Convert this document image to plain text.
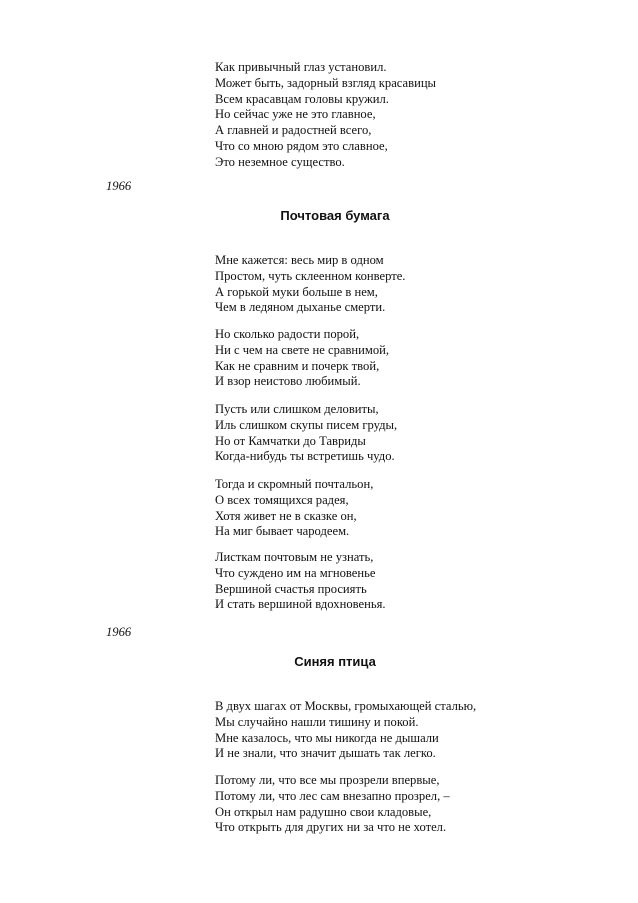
Как привычный глаз установил.
Может быть, задорный взгляд красавицы
Всем красавцам головы кружил.
Но сейчас уже не это главное,
А главней и радостней всего,
Что со мною рядом это славное,
Это неземное существо.
1966
Почтовая бумага
Мне кажется: весь мир в одном
Простом, чуть склеенном конверте.
А горькой муки больше в нем,
Чем в ледяном дыханье смерти.
Но сколько радости порой,
Ни с чем на свете не сравнимой,
Как не сравним и почерк твой,
И взор неистово любимый.
Пусть или слишком деловиты,
Иль слишком скупы писем груды,
Но от Камчатки до Тавриды
Когда-нибудь ты встретишь чудо.
Тогда и скромный почтальон,
О всех томящихся радея,
Хотя живет не в сказке он,
На миг бывает чародеем.
Листкам почтовым не узнать,
Что суждено им на мгновенье
Вершиной счастья просиять
И стать вершиной вдохновенья.
1966
Синяя птица
В двух шагах от Москвы, громыхающей сталью,
Мы случайно нашли тишину и покой.
Мне казалось, что мы никогда не дышали
И не знали, что значит дышать так легко.
Потому ли, что все мы прозрели впервые,
Потому ли, что лес сам внезапно прозрел, –
Он открыл нам радушно свои кладовые,
Что открыть для других ни за что не хотел.
